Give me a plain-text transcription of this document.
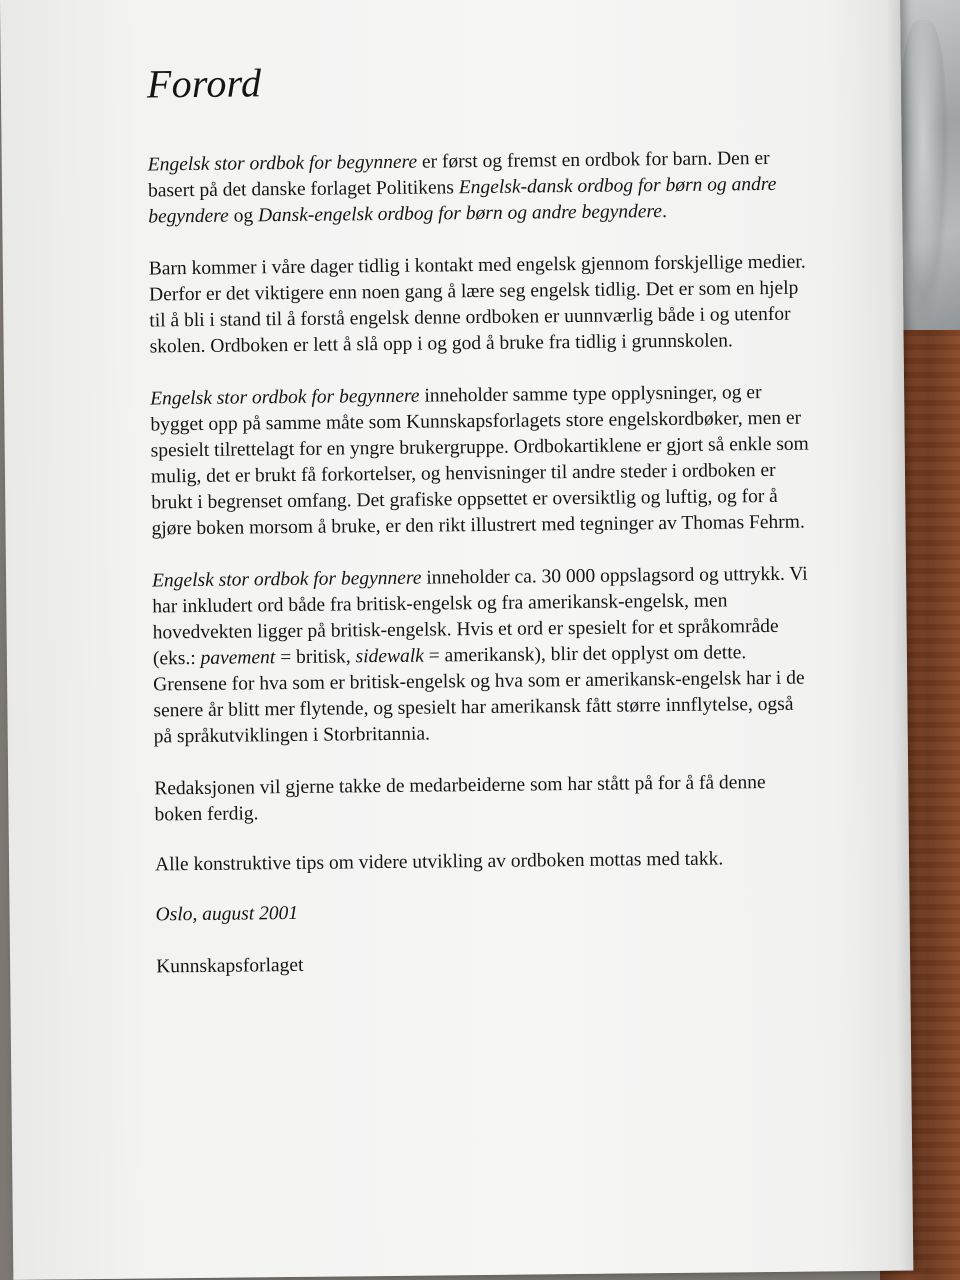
Forord

Engelsk stor ordbok for begynnere er først og fremst en ordbok for barn. Den er basert på det danske forlaget Politikens Engelsk-dansk ordbog for børn og andre begyndere og Dansk-engelsk ordbog for børn og andre begyndere.

Barn kommer i våre dager tidlig i kontakt med engelsk gjennom forskjellige medier. Derfor er det viktigere enn noen gang å lære seg engelsk tidlig. Det er som en hjelp til å bli i stand til å forstå engelsk denne ordboken er uunnværlig både i og utenfor skolen. Ordboken er lett å slå opp i og god å bruke fra tidlig i grunnskolen.

Engelsk stor ordbok for begynnere inneholder samme type opplysninger, og er bygget opp på samme måte som Kunnskapsforlagets store engelskordbøker, men er spesielt tilrettelagt for en yngre brukergruppe. Ordbokartiklene er gjort så enkle som mulig, det er brukt få forkortelser, og henvisninger til andre steder i ordboken er brukt i begrenset omfang. Det grafiske oppsettet er oversiktlig og luftig, og for å gjøre boken morsom å bruke, er den rikt illustrert med tegninger av Thomas Fehrm.

Engelsk stor ordbok for begynnere inneholder ca. 30 000 oppslagsord og uttrykk. Vi har inkludert ord både fra britisk-engelsk og fra amerikansk-engelsk, men hovedvekten ligger på britisk-engelsk. Hvis et ord er spesielt for et språkområde (eks.: pavement = britisk, sidewalk = amerikansk), blir det opplyst om dette. Grensene for hva som er britisk-engelsk og hva som er amerikansk-engelsk har i de senere år blitt mer flytende, og spesielt har amerikansk fått større innflytelse, også på språkutviklingen i Storbritannia.

Redaksjonen vil gjerne takke de medarbeiderne som har stått på for å få denne boken ferdig.

Alle konstruktive tips om videre utvikling av ordboken mottas med takk.

Oslo, august 2001

Kunnskapsforlaget
